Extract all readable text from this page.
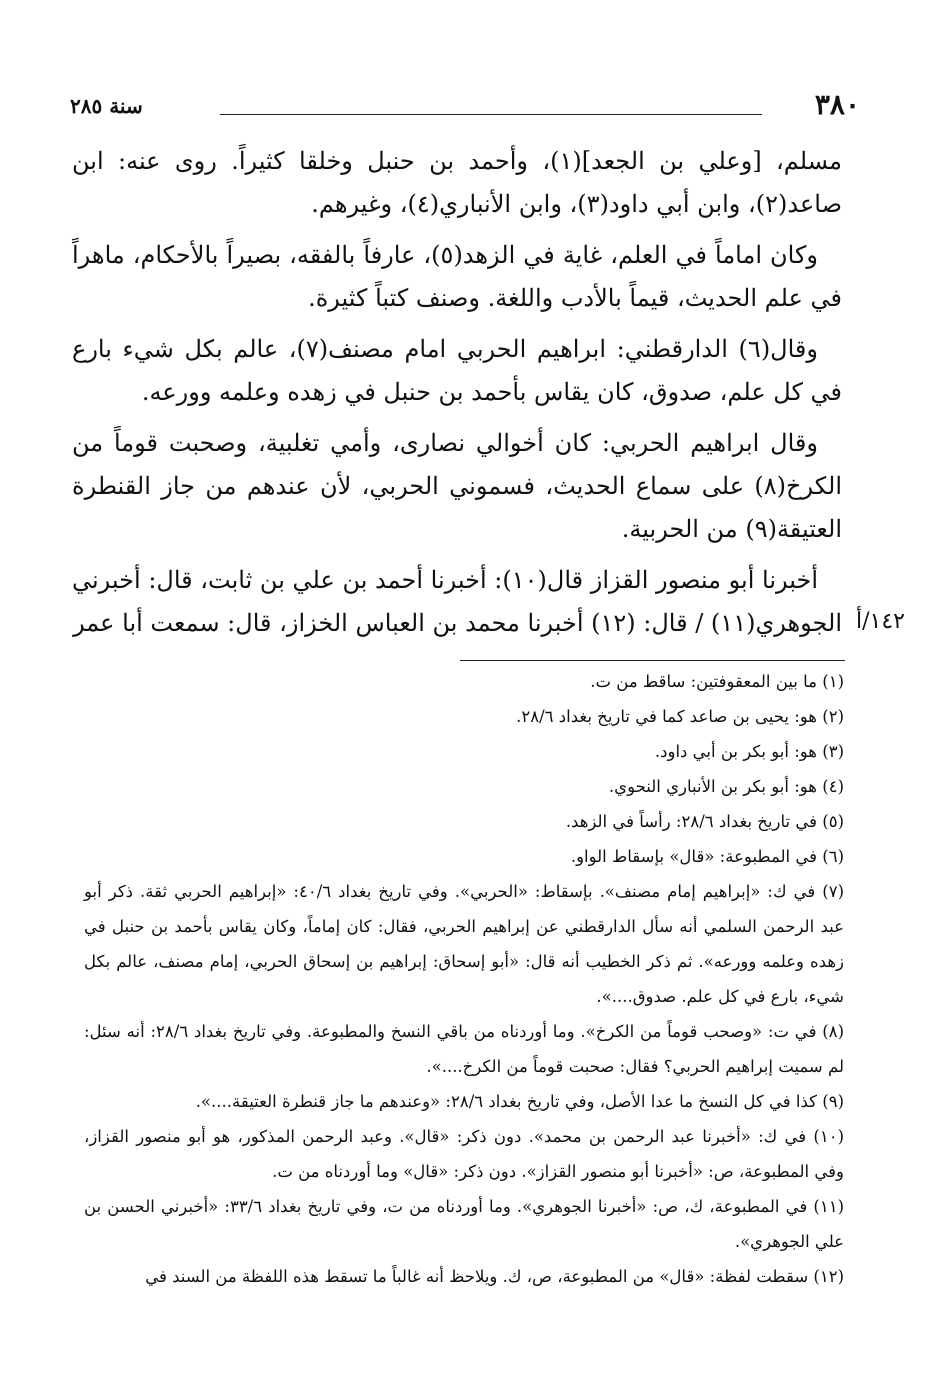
٣٨٠
سنة ٢٨٥

مسلم، [وعلي بن الجعد](١)، وأحمد بن حنبل وخلقا كثيراً. روى عنه: ابن صاعد(٢)، وابن أبي داود(٣)، وابن الأنباري(٤)، وغيرهم.

وكان اماماً في العلم، غاية في الزهد(٥)، عارفاً بالفقه، بصيراً بالأحكام، ماهراً في علم الحديث، قيماً بالأدب واللغة. وصنف كتباً كثيرة.

وقال(٦) الدارقطني: ابراهيم الحربي امام مصنف(٧)، عالم بكل شيء بارع في كل علم، صدوق، كان يقاس بأحمد بن حنبل في زهده وعلمه وورعه.

وقال ابراهيم الحربي: كان أخوالي نصارى، وأمي تغلبية، وصحبت قوماً من الكرخ(٨) على سماع الحديث، فسموني الحربي، لأن عندهم من جاز القنطرة العتيقة(٩) من الحربية.

أخبرنا أبو منصور القزاز قال(١٠): أخبرنا أحمد بن علي بن ثابت، قال: أخبرني الجوهري(١١) / قال: (١٢) أخبرنا محمد بن العباس الخزاز، قال: سمعت أبا عمر ١٤٢/أ

(١) ما بين المعقوفتين: ساقط من ت.

(٢) هو: يحيى بن صاعد كما في تاريخ بغداد ٢٨/٦.

(٣) هو: أبو بكر بن أبي داود.

(٤) هو: أبو بكر بن الأنباري النحوي.

(٥) في تاريخ بغداد ٢٨/٦: رأساً في الزهد.

(٦) في المطبوعة: «قال» بإسقاط الواو.

(٧) في ك: «إبراهيم إمام مصنف». بإسقاط: «الحربي». وفي تاريخ بغداد ٤٠/٦: «إبراهيم الحربي ثقة. ذكر أبو عبد الرحمن السلمي أنه سأل الدارقطني عن إبراهيم الحربي، فقال: كان إماماً، وكان يقاس بأحمد بن حنبل في زهده وعلمه وورعه». ثم ذكر الخطيب أنه قال: «أبو إسحاق: إبراهيم بن إسحاق الحربي، إمام مصنف، عالم بكل شيء، بارع في كل علم. صدوق....».

(٨) في ت: «وصحب قوماً من الكرخ». وما أوردناه من باقي النسخ والمطبوعة. وفي تاريخ بغداد ٢٨/٦: أنه سئل: لم سميت إبراهيم الحربي؟ فقال: صحبت قوماً من الكرخ....».

(٩) كذا في كل النسخ ما عدا الأصل، وفي تاريخ بغداد ٢٨/٦: «وعندهم ما جاز قنطرة العتيقة....».

(١٠) في ك: «أخبرنا عبد الرحمن بن محمد». دون ذكر: «قال». وعبد الرحمن المذكور، هو أبو منصور القزاز، وفي المطبوعة، ص: «أخبرنا أبو منصور القزاز». دون ذكر: «قال» وما أوردناه من ت.

(١١) في المطبوعة، ك، ص: «أخبرنا الجوهري». وما أوردناه من ت، وفي تاريخ بغداد ٣٣/٦: «أخبرني الحسن بن علي الجوهري».

(١٢) سقطت لفظة: «قال» من المطبوعة، ص، ك. ويلاحظ أنه غالباً ما تسقط هذه اللفظة من السند في
